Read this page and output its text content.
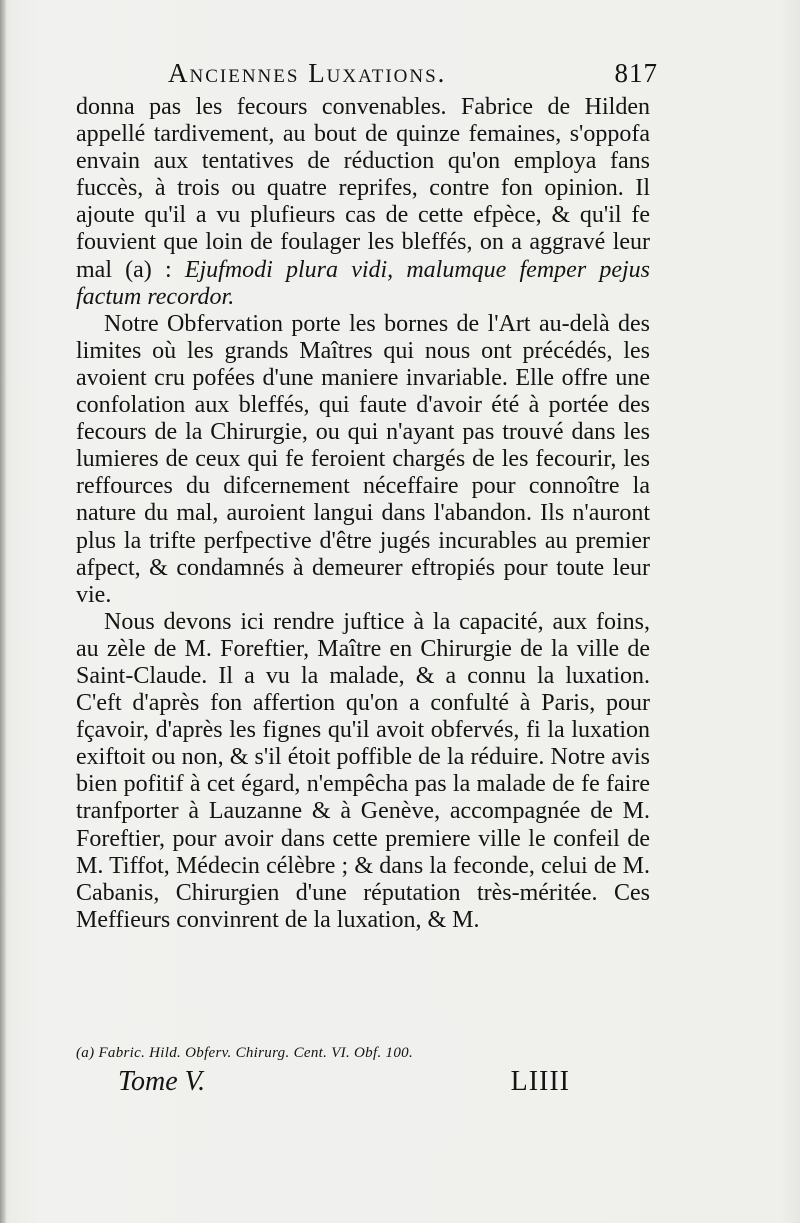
Anciennes Luxations.	817

donna pas les fecours convenables. Fabrice de Hilden appellé tardivement, au bout de quinze femaines, s'oppofa envain aux tentatives de réduction qu'on employa fans fuccès, à trois ou quatre reprifes, contre fon opinion. Il ajoute qu'il a vu plufieurs cas de cette efpèce, & qu'il fe fouvient que loin de foulager les bleffés, on a aggravé leur mal (a) : Ejufmodi plura vidi, malumque femper pejus factum recordor.

Notre Obfervation porte les bornes de l'Art au-delà des limites où les grands Maîtres qui nous ont précédés, les avoient cru pofées d'une maniere invariable. Elle offre une confolation aux bleffés, qui faute d'avoir été à portée des fecours de la Chirurgie, ou qui n'ayant pas trouvé dans les lumieres de ceux qui fe feroient chargés de les fecourir, les reffources du difcernement néceffaire pour connoître la nature du mal, auroient langui dans l'abandon. Ils n'auront plus la trifte perfpective d'être jugés incurables au premier afpect, & condamnés à demeurer eftropiés pour toute leur vie.

Nous devons ici rendre juftice à la capacité, aux foins, au zèle de M. Foreftier, Maître en Chirurgie de la ville de Saint-Claude. Il a vu la malade, & a connu la luxation. C'eft d'après fon affertion qu'on a confulté à Paris, pour fçavoir, d'après les fignes qu'il avoit obfervés, fi la luxation exiftoit ou non, & s'il étoit poffible de la réduire. Notre avis bien pofitif à cet égard, n'empêcha pas la malade de fe faire tranfporter à Lauzanne & à Genève, accompagnée de M. Foreftier, pour avoir dans cette premiere ville le confeil de M. Tiffot, Médecin célèbre ; & dans la feconde, celui de M. Cabanis, Chirurgien d'une réputation très-méritée. Ces Meffieurs convinrent de la luxation, & M.

(a) Fabric. Hild. Obferv. Chirurg. Cent. VI. Obf. 100.
Tome V.	LIIII
